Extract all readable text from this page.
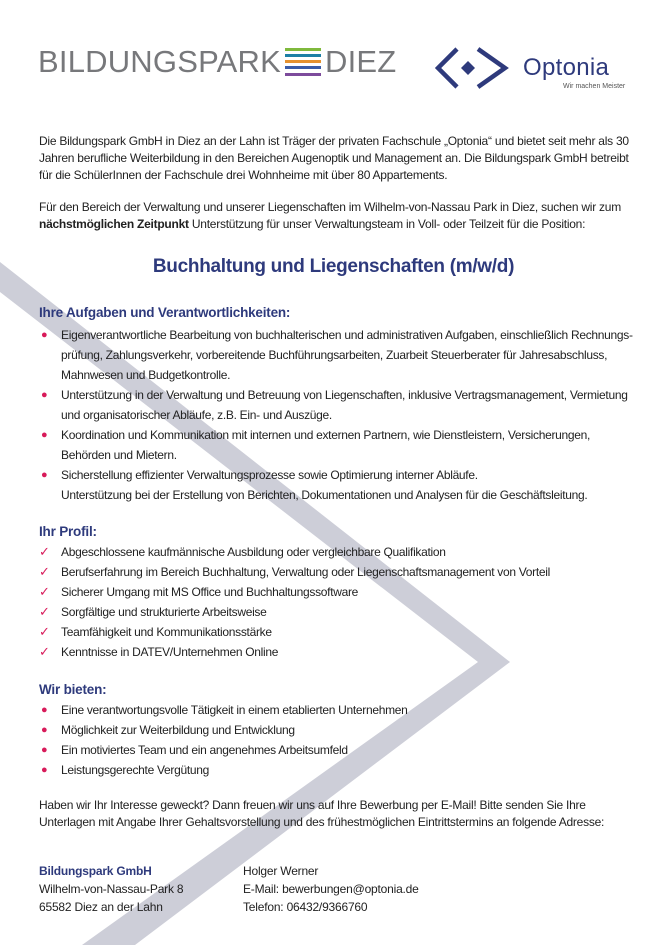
BILDUNGSPARK DIEZ	Optonia
Wir machen Meister

Die Bildungspark GmbH in Diez an der Lahn ist Träger der privaten Fachschule „Optonia“ und bietet seit mehr als 30 Jahren berufliche Weiterbildung in den Bereichen Augenoptik und Management an. Die Bildungspark GmbH betreibt für die SchülerInnen der Fachschule drei Wohnheime mit über 80 Appartements.

Für den Bereich der Verwaltung und unserer Liegenschaften im Wilhelm-von-Nassau Park in Diez, suchen wir zum nächstmöglichen Zeitpunkt Unterstützung für unser Verwaltungsteam in Voll- oder Teilzeit für die Position:

Buchhaltung und Liegenschaften (m/w/d)
Ihre Aufgaben und Verantwortlichkeiten:
● Eigenverantwortliche Bearbeitung von buchhalterischen und administrativen Aufgaben, einschließlich Rechnungs-prüfung, Zahlungsverkehr, vorbereitende Buchführungsarbeiten, Zuarbeit Steuerberater für Jahresabschluss, Mahnwesen und Budgetkontrolle.
● Unterstützung in der Verwaltung und Betreuung von Liegenschaften, inklusive Vertragsmanagement, Vermietung und organisatorischer Abläufe, z.B. Ein- und Auszüge.
● Koordination und Kommunikation mit internen und externen Partnern, wie Dienstleistern, Versicherungen, Behörden und Mietern.
● Sicherstellung effizienter Verwaltungsprozesse sowie Optimierung interner Abläufe.
Unterstützung bei der Erstellung von Berichten, Dokumentationen und Analysen für die Geschäftsleitung.
Ihr Profil:
✓ Abgeschlossene kaufmännische Ausbildung oder vergleichbare Qualifikation
✓ Berufserfahrung im Bereich Buchhaltung, Verwaltung oder Liegenschaftsmanagement von Vorteil
✓ Sicherer Umgang mit MS Office und Buchhaltungssoftware
✓ Sorgfältige und strukturierte Arbeitsweise
✓ Teamfähigkeit und Kommunikationsstärke
✓ Kenntnisse in DATEV/Unternehmen Online
Wir bieten:
● Eine verantwortungsvolle Tätigkeit in einem etablierten Unternehmen
● Möglichkeit zur Weiterbildung und Entwicklung
● Ein motiviertes Team und ein angenehmes Arbeitsumfeld
● Leistungsgerechte Vergütung

Haben wir Ihr Interesse geweckt? Dann freuen wir uns auf Ihre Bewerbung per E-Mail! Bitte senden Sie Ihre Unterlagen mit Angabe Ihrer Gehaltsvorstellung und des frühestmöglichen Eintrittstermins an folgende Adresse:

Bildungspark GmbH
Wilhelm-von-Nassau-Park 8
65582 Diez an der Lahn
Holger Werner
E-Mail: bewerbungen@optonia.de
Telefon: 06432/9366760
